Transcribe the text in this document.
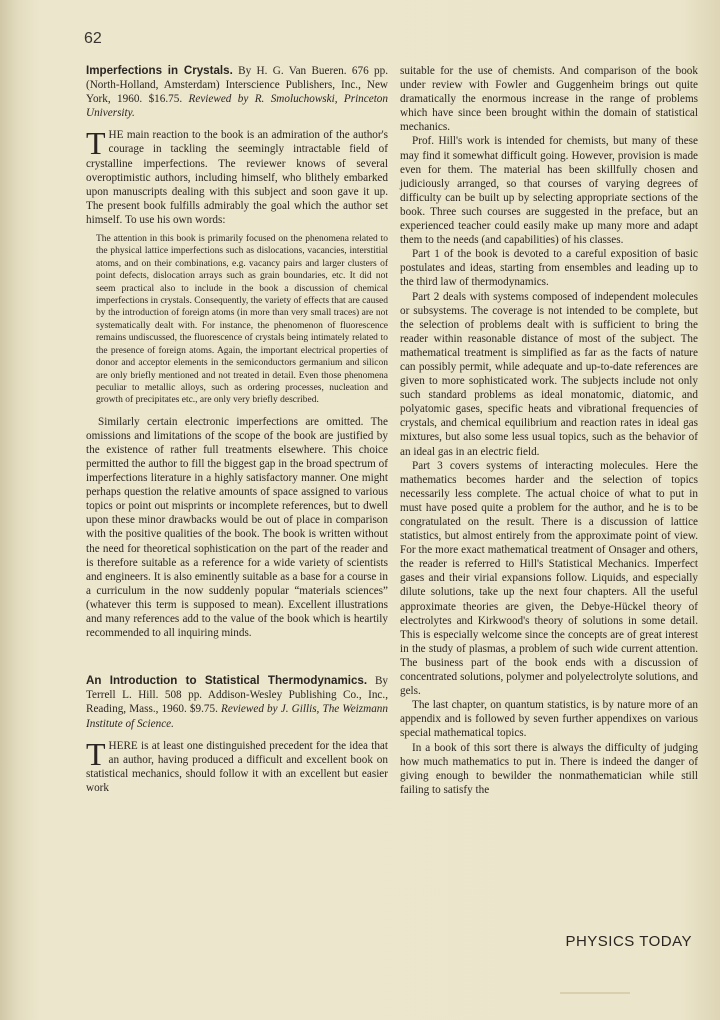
62

Imperfections in Crystals. By H. G. Van Bueren. 676 pp. (North-Holland, Amsterdam) Interscience Publishers, Inc., New York, 1960. $16.75. Reviewed by R. Smoluchowski, Princeton University.

THE main reaction to the book is an admiration of the author's courage in tackling the seemingly intractable field of crystalline imperfections. The reviewer knows of several overoptimistic authors, including himself, who blithely embarked upon manuscripts dealing with this subject and soon gave it up. The present book fulfills admirably the goal which the author set himself. To use his own words:

The attention in this book is primarily focused on the phenomena related to the physical lattice imperfections such as dislocations, vacancies, interstitial atoms, and on their combinations, e.g. vacancy pairs and larger clusters of point defects, dislocation arrays such as grain boundaries, etc. It did not seem practical also to include in the book a discussion of chemical imperfections in crystals. Consequently, the variety of effects that are caused by the introduction of foreign atoms (in more than very small traces) are not systematically dealt with. For instance, the phenomenon of fluorescence remains undiscussed, the fluorescence of crystals being intimately related to the presence of foreign atoms. Again, the important electrical properties of donor and acceptor elements in the semiconductors germanium and silicon are only briefly mentioned and not treated in detail. Even those phenomena peculiar to metallic alloys, such as ordering processes, nucleation and growth of precipitates etc., are only very briefly described.

Similarly certain electronic imperfections are omitted. The omissions and limitations of the scope of the book are justified by the existence of rather full treatments elsewhere. This choice permitted the author to fill the biggest gap in the broad spectrum of imperfections literature in a highly satisfactory manner. One might perhaps question the relative amounts of space assigned to various topics or point out misprints or incomplete references, but to dwell upon these minor drawbacks would be out of place in comparison with the positive qualities of the book. The book is written without the need for theoretical sophistication on the part of the reader and is therefore suitable as a reference for a wide variety of scientists and engineers. It is also eminently suitable as a base for a course in a curriculum in the now suddenly popular “materials sciences” (whatever this term is supposed to mean). Excellent illustrations and many references add to the value of the book which is heartily recommended to all inquiring minds.

An Introduction to Statistical Thermodynamics. By Terrell L. Hill. 508 pp. Addison-Wesley Publishing Co., Inc., Reading, Mass., 1960. $9.75. Reviewed by J. Gillis, The Weizmann Institute of Science.

THERE is at least one distinguished precedent for the idea that an author, having produced a difficult and excellent book on statistical mechanics, should follow it with an excellent but easier work

suitable for the use of chemists. And comparison of the book under review with Fowler and Guggenheim brings out quite dramatically the enormous increase in the range of problems which have since been brought within the domain of statistical mechanics.

Prof. Hill's work is intended for chemists, but many of these may find it somewhat difficult going. However, provision is made even for them. The material has been skillfully chosen and judiciously arranged, so that courses of varying degrees of difficulty can be built up by selecting appropriate sections of the book. Three such courses are suggested in the preface, but an experienced teacher could easily make up many more and adapt them to the needs (and capabilities) of his classes.

Part 1 of the book is devoted to a careful exposition of basic postulates and ideas, starting from ensembles and leading up to the third law of thermodynamics.

Part 2 deals with systems composed of independent molecules or subsystems. The coverage is not intended to be complete, but the selection of problems dealt with is sufficient to bring the reader within reasonable distance of most of the subject. The mathematical treatment is simplified as far as the facts of nature can possibly permit, while adequate and up-to-date references are given to more sophisticated work. The subjects include not only such standard problems as ideal monatomic, diatomic, and polyatomic gases, specific heats and vibrational frequencies of crystals, and chemical equilibrium and reaction rates in ideal gas mixtures, but also some less usual topics, such as the behavior of an ideal gas in an electric field.

Part 3 covers systems of interacting molecules. Here the mathematics becomes harder and the selection of topics necessarily less complete. The actual choice of what to put in must have posed quite a problem for the author, and he is to be congratulated on the result. There is a discussion of lattice statistics, but almost entirely from the approximate point of view. For the more exact mathematical treatment of Onsager and others, the reader is referred to Hill's Statistical Mechanics. Imperfect gases and their virial expansions follow. Liquids, and especially dilute solutions, take up the next four chapters. All the useful approximate theories are given, the Debye-Hückel theory of electrolytes and Kirkwood's theory of solutions in some detail. This is especially welcome since the concepts are of great interest in the study of plasmas, a problem of such wide current attention. The business part of the book ends with a discussion of concentrated solutions, polymer and polyelectrolyte solutions, and gels.

The last chapter, on quantum statistics, is by nature more of an appendix and is followed by seven further appendixes on various special mathematical topics.

In a book of this sort there is always the difficulty of judging how much mathematics to put in. There is indeed the danger of giving enough to bewilder the nonmathematician while still failing to satisfy the

PHYSICS TODAY
